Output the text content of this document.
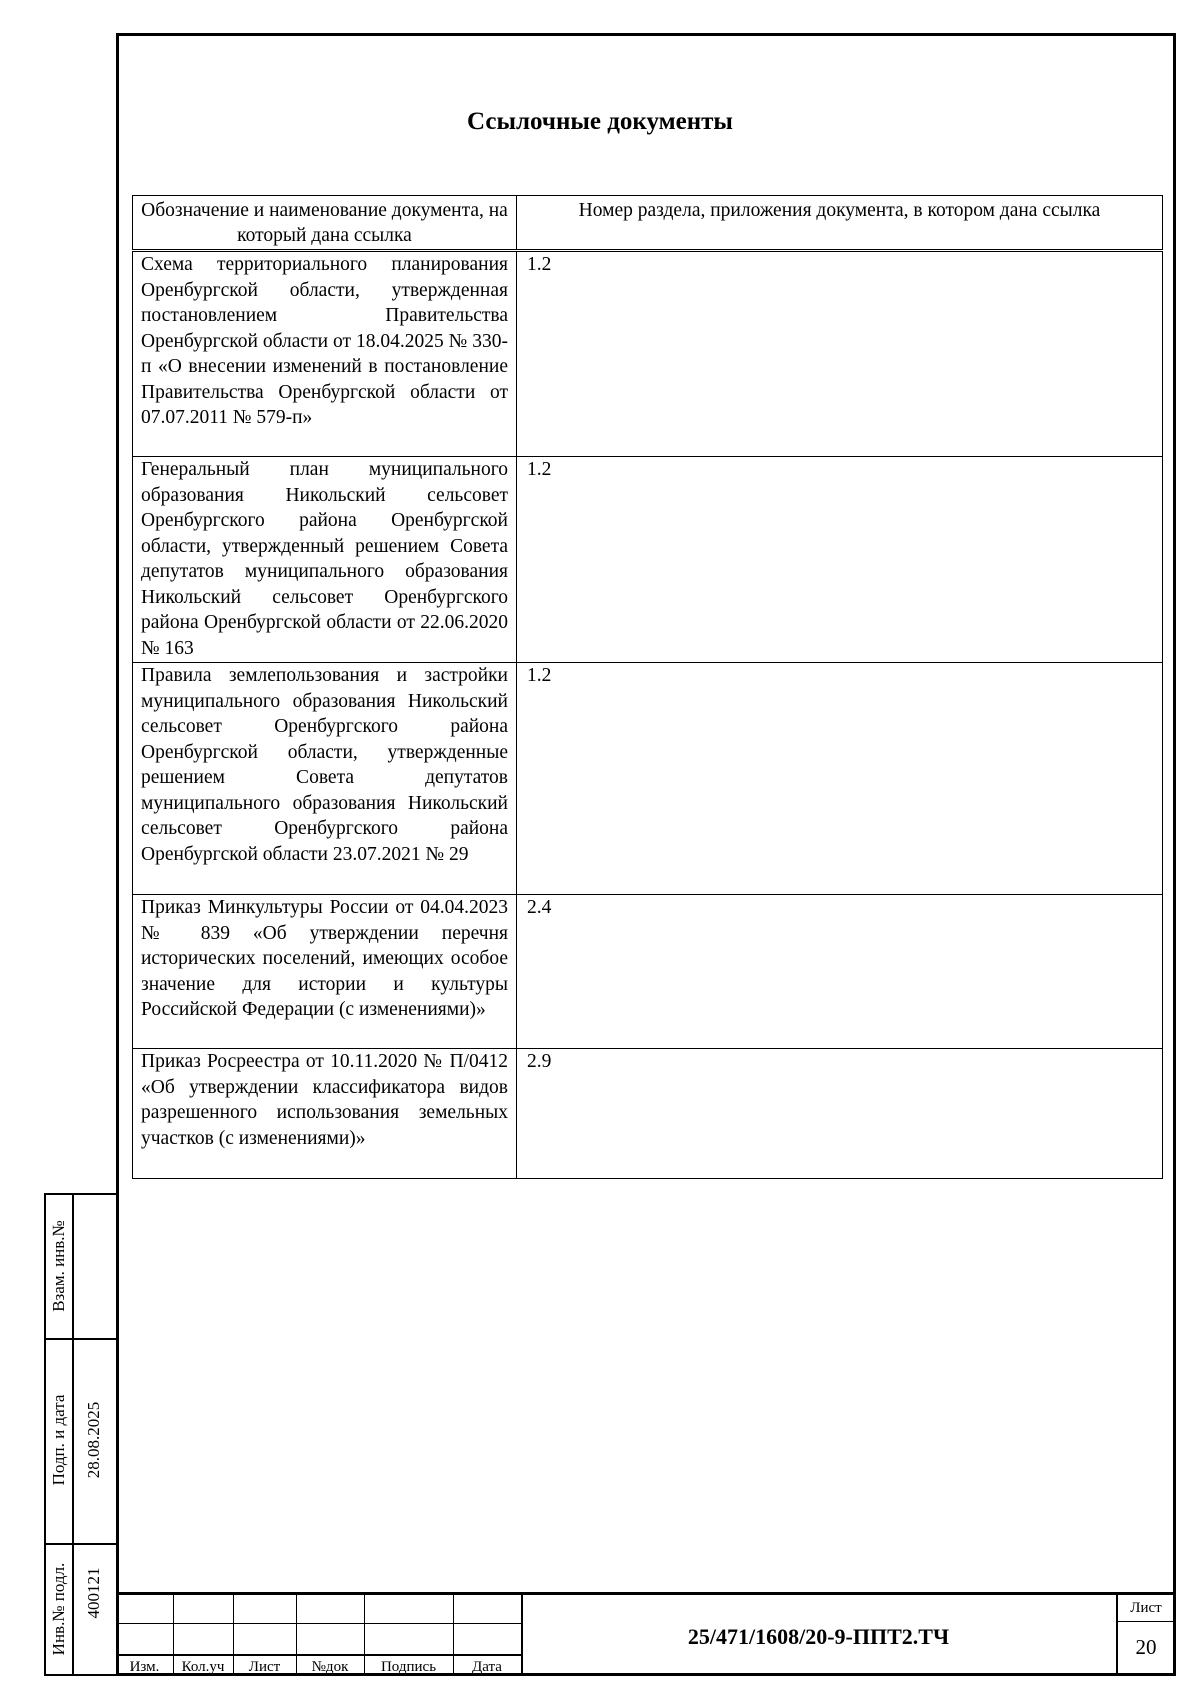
Ссылочные документы
Обозначение и наименование документа, на который дана ссылка	Номер раздела, приложения документа, в котором дана ссылка
Схема территориального планирования Оренбургской области, утвержденная постановлением Правительства Оренбургской области от 18.04.2025 № 330-п «О внесении изменений в постановление Правительства Оренбургской области от 07.07.2011 № 579-п»	1.2
Генеральный план муниципального образования Никольский сельсовет Оренбургского района Оренбургской области, утвержденный решением Совета депутатов муниципального образования Никольский сельсовет Оренбургского района Оренбургской области от 22.06.2020 № 163	1.2
Правила землепользования и застройки муниципального образования Никольский сельсовет Оренбургского района Оренбургской области, утвержденные решением Совета депутатов муниципального образования Никольский сельсовет Оренбургского района Оренбургской области 23.07.2021 № 29	1.2
Приказ Минкультуры России от 04.04.2023 № 839 «Об утверждении перечня исторических поселений, имеющих особое значение для истории и культуры Российской Федерации (с изменениями)»	2.4
Приказ Росреестра от 10.11.2020 № П/0412 «Об утверждении классификатора видов разрешенного использования земельных участков (с изменениями)»	2.9
Взам. инв.№
Подп. и дата 28.08.2025
Инв.№ подл. 400121
Изм.	Кол.уч	Лист	№док	Подпись	Дата
25/471/1608/20-9-ППТ2.ТЧ
Лист
20
